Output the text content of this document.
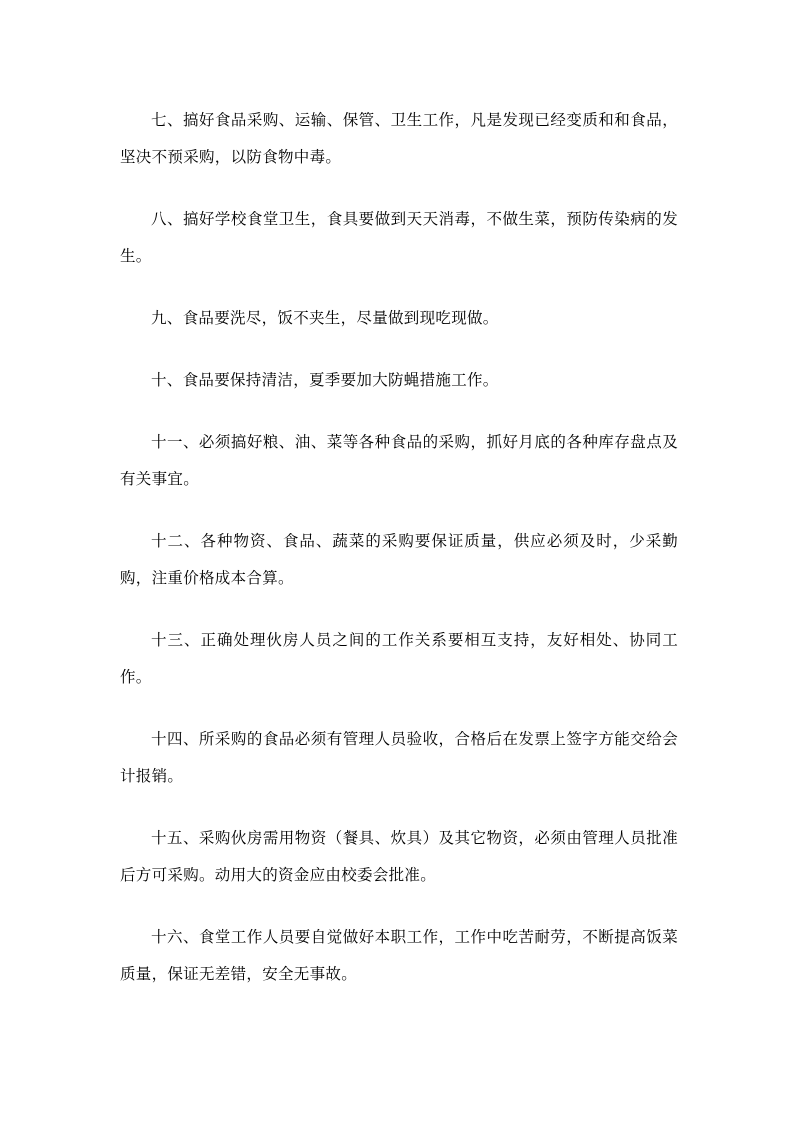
七、搞好食品采购、运输、保管、卫生工作，凡是发现已经变质和和食品，坚决不预采购，以防食物中毒。

八、搞好学校食堂卫生，食具要做到天天消毒，不做生菜，预防传染病的发生。

九、食品要洗尽，饭不夹生，尽量做到现吃现做。

十、食品要保持清洁，夏季要加大防蝇措施工作。

十一、必须搞好粮、油、菜等各种食品的采购，抓好月底的各种库存盘点及有关事宜。

十二、各种物资、食品、蔬菜的采购要保证质量，供应必须及时，少采勤购，注重价格成本合算。

十三、正确处理伙房人员之间的工作关系要相互支持，友好相处、协同工作。

十四、所采购的食品必须有管理人员验收，合格后在发票上签字方能交给会计报销。

十五、采购伙房需用物资（餐具、炊具）及其它物资，必须由管理人员批准后方可采购。动用大的资金应由校委会批准。

十六、食堂工作人员要自觉做好本职工作，工作中吃苦耐劳，不断提高饭菜质量，保证无差错，安全无事故。
